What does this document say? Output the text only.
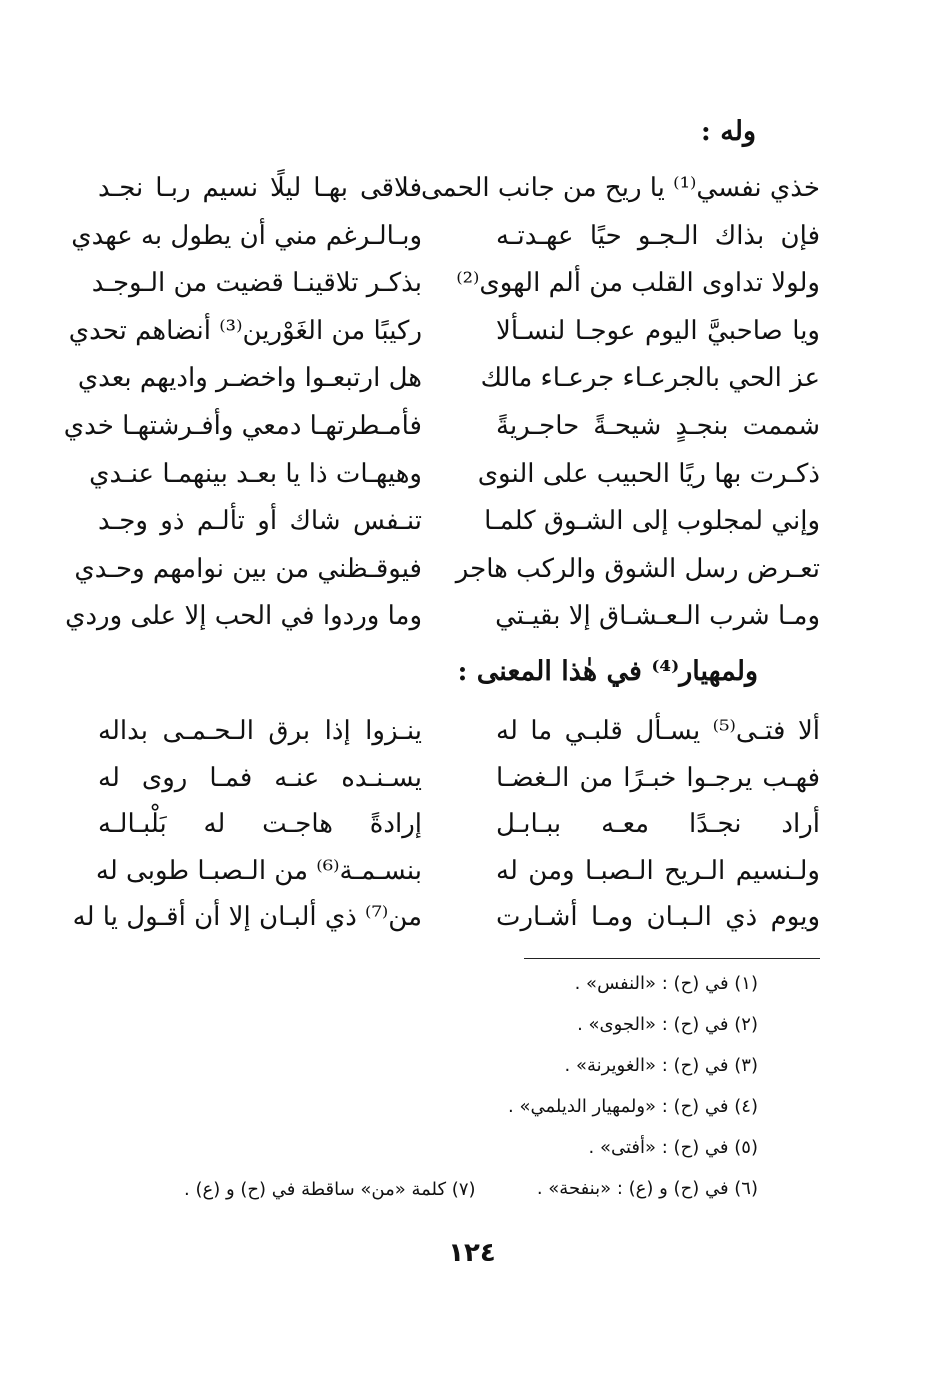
وله :
خذي نفسي⁽¹⁾ يا ريح من جانب الحمى
فلاقى بهـا ليلًا نسيم ربـا نجـد
فإن بذاك الـجـو حيًا عهـدتـه
وبـالـرغم مني أن يطول به عهدي
ولولا تداوى القلب من ألم الهوى⁽²⁾
بذكـر تلاقينـا قضيت من الـوجـد
ويا صاحبيَّ اليوم عوجـا لنسـألا
ركيبًا من الغَوْرين⁽³⁾ أنضاهم تحدي
عز الحي بالجرعـاء جرعـاء مالك
هل ارتبعـوا واخضـر واديهم بعدي
شممت بنجـدٍ شيحـةً حاجـريةً
فأمـطرتهـا دمعي وأفـرشتهـا خدي
ذكـرت بها ريًا الحبيب على النوى
وهيهـات ذا يا بعـد بينهمـا عنـدي
وإني لمجلوب إلى الشـوق كلمـا
تنـفس شاك أو تألـم ذو وجـد
تعـرض رسل الشوق والركب هاجر
فيوقـظني من بين نوامهم وحـدي
ومـا شرب الـعـشـاق إلا بقيـتي
وما وردوا في الحب إلا على وردي
ولمهيار⁽⁴⁾ في هٰذا المعنى :
ألا فتـى⁽⁵⁾ يسـأل قلبـي ما له
ينـزوا إذا برق الـحـمـى بداله
فهـب يرجـوا خبـرًا من الـغضـا
يسـنـده عنـه فمـا روى له
أراد نجـدًا معـه ببـابـل
إرادةً هاجـت له بَلْبـالـه
ولـنسيم الـريح الـصبـا ومن له
بنسـمـة⁽⁶⁾ من الـصبـا طوبى له
ويوم ذي الـبـان ومـا أشـارت
من⁽⁷⁾ ذي ألبـان إلا أن أقـول يا له
(١) في (ح) : «النفس» .
(٢) في (ح) : «الجوى» .
(٣) في (ح) : «الغويرنة» .
(٤) في (ح) : «ولمهيار الديلمي» .
(٥) في (ح) : «أفتى» .
(٦) في (ح) و (ع) : «بنفحة» .
(٧) كلمة «من» ساقطة في (ح) و (ع) .
١٢٤
